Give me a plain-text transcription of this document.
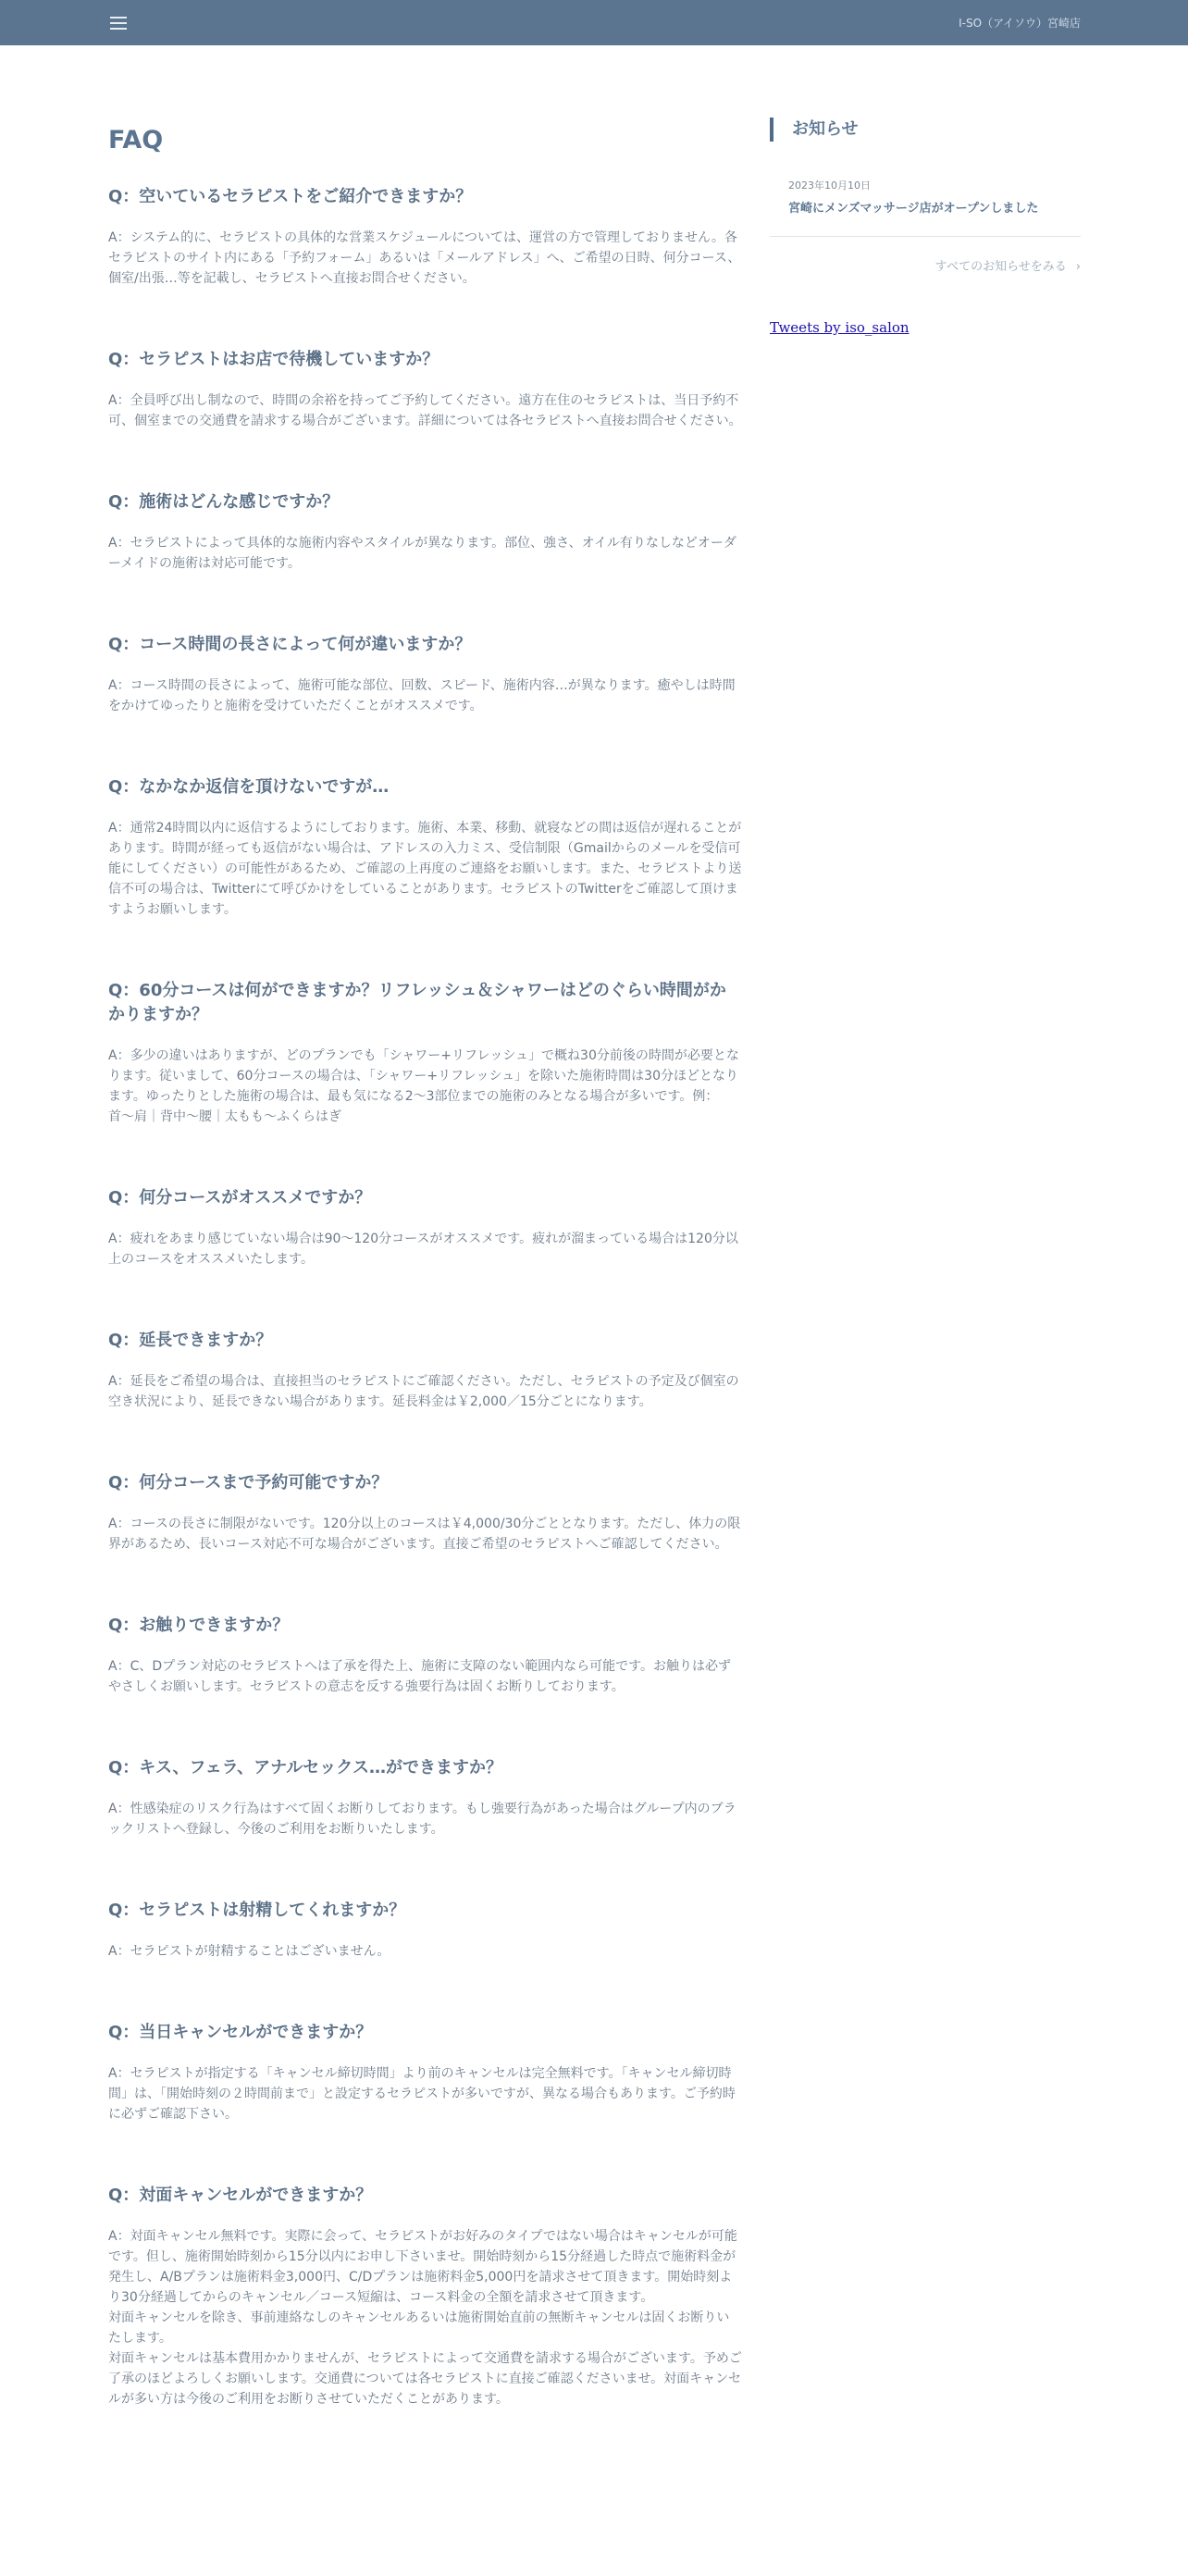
I-SO（アイソウ）宮崎店
FAQ
Q：空いているセラピストをご紹介できますか？

A：システム的に、セラピストの具体的な営業スケジュールについては、運営の方で管理しておりません。各セラピストのサイト内にある「予約フォーム」あるいは「メールアドレス」へ、ご希望の日時、何分コース、個室/出張…等を記載し、セラピストへ直接お問合せください。

Q：セラピストはお店で待機していますか？

A：全員呼び出し制なので、時間の余裕を持ってご予約してください。遠方在住のセラピストは、当日予約不可、個室までの交通費を請求する場合がございます。詳細については各セラピストへ直接お問合せください。

Q：施術はどんな感じですか？

A：セラピストによって具体的な施術内容やスタイルが異なります。部位、強さ、オイル有りなしなどオーダーメイドの施術は対応可能です。

Q：コース時間の長さによって何が違いますか？

A：コース時間の長さによって、施術可能な部位、回数、スピード、施術内容…が異なります。癒やしは時間をかけてゆったりと施術を受けていただくことがオススメです。

Q：なかなか返信を頂けないですが…

A：通常24時間以内に返信するようにしております。施術、本業、移動、就寝などの間は返信が遅れることがあります。時間が経っても返信がない場合は、アドレスの入力ミス、受信制限（Gmailからのメールを受信可能にしてください）の可能性があるため、ご確認の上再度のご連絡をお願いします。また、セラピストより送信不可の場合は、Twitterにて呼びかけをしていることがあります。セラピストのTwitterをご確認して頂けますようお願いします。

Q：60分コースは何ができますか？リフレッシュ＆シャワーはどのぐらい時間がかかりますか？

A：多少の違いはありますが、どのプランでも「シャワー+リフレッシュ」で概ね30分前後の時間が必要となります。従いまして、60分コースの場合は、「シャワー+リフレッシュ」を除いた施術時間は30分ほどとなります。ゆったりとした施術の場合は、最も気になる2〜3部位までの施術のみとなる場合が多いです。例：首〜肩｜背中〜腰｜太もも〜ふくらはぎ

Q：何分コースがオススメですか？

A：疲れをあまり感じていない場合は90〜120分コースがオススメです。疲れが溜まっている場合は120分以上のコースをオススメいたします。

Q：延長できますか？

A：延長をご希望の場合は、直接担当のセラピストにご確認ください。ただし、セラピストの予定及び個室の空き状況により、延長できない場合があります。延長料金は￥2,000／15分ごとになります。

Q：何分コースまで予約可能ですか？

A：コースの長さに制限がないです。120分以上のコースは￥4,000/30分ごととなります。ただし、体力の限界があるため、長いコース対応不可な場合がございます。直接ご希望のセラピストへご確認してください。

Q：お触りできますか？

A：C、Dプラン対応のセラピストへは了承を得た上、施術に支障のない範囲内なら可能です。お触りは必ずやさしくお願いします。セラピストの意志を反する強要行為は固くお断りしております。

Q：キス、フェラ、アナルセックス…ができますか？

A：性感染症のリスク行為はすべて固くお断りしております。もし強要行為があった場合はグループ内のブラックリストへ登録し、今後のご利用をお断りいたします。

Q：セラピストは射精してくれますか？

A：セラピストが射精することはございません。

Q：当日キャンセルができますか？

A：セラピストが指定する「キャンセル締切時間」より前のキャンセルは完全無料です。「キャンセル締切時間」は、「開始時刻の２時間前まで」と設定するセラピストが多いですが、異なる場合もあります。ご予約時に必ずご確認下さい。

Q：対面キャンセルができますか？

A：対面キャンセル無料です。実際に会って、セラピストがお好みのタイプではない場合はキャンセルが可能です。但し、施術開始時刻から15分以内にお申し下さいませ。開始時刻から15分経過した時点で施術料金が発生し、A/Bプランは施術料金3,000円、C/Dプランは施術料金5,000円を請求させて頂きます。開始時刻より30分経過してからのキャンセル／コース短縮は、コース料金の全額を請求させて頂きます。
対面キャンセルを除き、事前連絡なしのキャンセルあるいは施術開始直前の無断キャンセルは固くお断りいたします。
対面キャンセルは基本費用かかりませんが、セラピストによって交通費を請求する場合がございます。予めご了承のほどよろしくお願いします。交通費については各セラピストに直接ご確認くださいませ。対面キャンセルが多い方は今後のご利用をお断りさせていただくことがあります。

お知らせ
2023年10月10日
宮崎にメンズマッサージ店がオープンしました
すべてのお知らせをみる ›
Tweets by iso_salon
